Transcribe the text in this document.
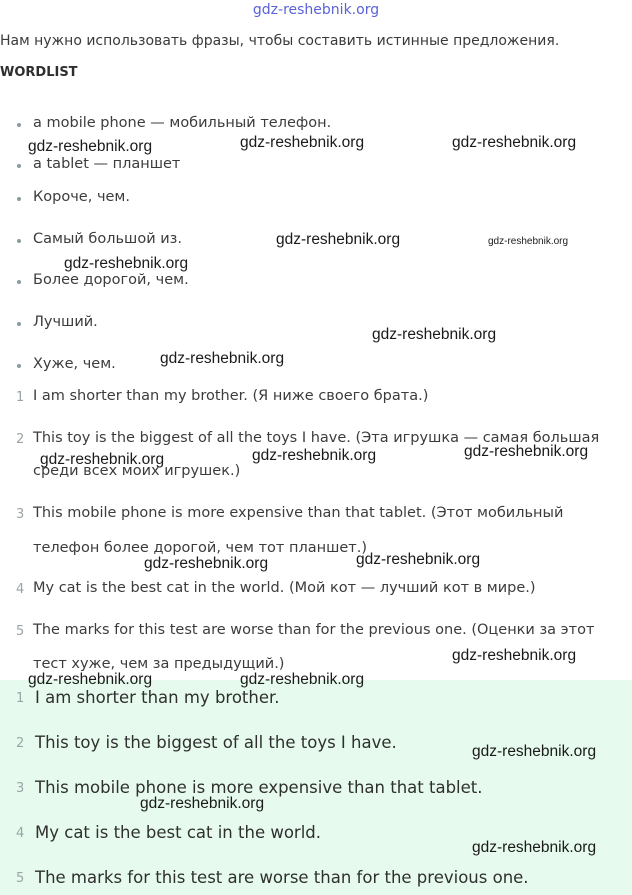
gdz-reshebnik.org
Нам нужно использовать фразы, чтобы составить истинные предложения.
WORDLIST
a mobile phone — мобильный телефон.
a tablet — планшет
Короче, чем.
Самый большой из.
Более дорогой, чем.
Лучший.
Хуже, чем.
1 I am shorter than my brother. (Я ниже своего брата.)
2 This toy is the biggest of all the toys I have. (Эта игрушка — самая большая
среди всех моих игрушек.)
3 This mobile phone is more expensive than that tablet. (Этот мобильный
телефон более дорогой, чем тот планшет.)
4 My cat is the best cat in the world. (Мой кот — лучший кот в мире.)
5 The marks for this test are worse than for the previous one. (Оценки за этот
тест хуже, чем за предыдущий.)
1 I am shorter than my brother.
2 This toy is the biggest of all the toys I have.
3 This mobile phone is more expensive than that tablet.
4 My cat is the best cat in the world.
5 The marks for this test are worse than for the previous one.
gdz-reshebnik.org	gdz-reshebnik.org	gdz-reshebnik.org
gdz-reshebnik.org	gdz-reshebnik.org
gdz-reshebnik.org
gdz-reshebnik.org
gdz-reshebnik.org
gdz-reshebnik.org	gdz-reshebnik.org	gdz-reshebnik.org
gdz-reshebnik.org
gdz-reshebnik.org
gdz-reshebnik.org
gdz-reshebnik.org	gdz-reshebnik.org
gdz-reshebnik.org
gdz-reshebnik.org
gdz-reshebnik.org
